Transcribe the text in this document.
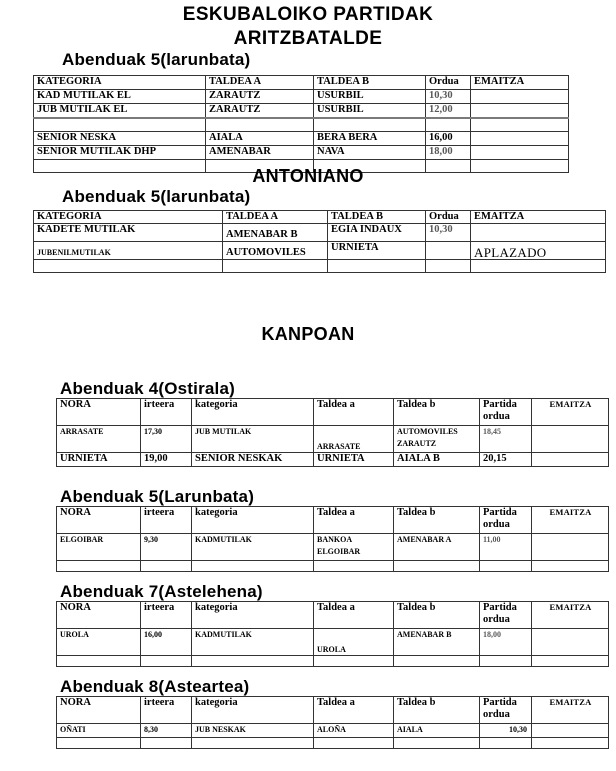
ESKUBALOIKO PARTIDAK
ARITZBATALDE
Abenduak 5(larunbata)
KATEGORIA	TALDEA A	TALDEA B	Ordua	EMAITZA
KAD MUTILAK EL	ZARAUTZ	USURBIL	10,30	
JUB MUTILAK EL	ZARAUTZ	USURBIL	12,00	

SENIOR NESKA	AIALA	BERA BERA	16,00	
SENIOR MUTILAK DHP	AMENABAR	NAVA	18,00	

ANTONIANO
Abenduak 5(larunbata)
KATEGORIA	TALDEA A	TALDEA B	Ordua	EMAITZA
KADETE MUTILAK	AMENABAR B	EGIA INDAUX	10,30	
JUBENILMUTILAK	AUTOMOVILES	URNIETA		APLAZADO

KANPOAN
Abenduak 4(Ostirala)
NORA	irteera	kategoria	Taldea a	Taldea b	Partida ordua	EMAITZA
ARRASATE	17,30	JUB MUTILAK	ARRASATE	AUTOMOVILES ZARAUTZ	18,45	
URNIETA	19,00	SENIOR NESKAK	URNIETA	AIALA B	20,15	
Abenduak 5(Larunbata)
NORA	irteera	kategoria	Taldea a	Taldea b	Partida ordua	EMAITZA
ELGOIBAR	9,30	KADMUTILAK	BANKOA ELGOIBAR	AMENABAR A	11,00	

Abenduak 7(Astelehena)
NORA	irteera	kategoria	Taldea a	Taldea b	Partida ordua	EMAITZA
UROLA	16,00	KADMUTILAK	UROLA	AMENABAR B	18,00	

Abenduak 8(Asteartea)
NORA	irteera	kategoria	Taldea a	Taldea b	Partida ordua	EMAITZA
OÑATI	8,30	JUB NESKAK	ALOÑA	AIALA	10,30	
